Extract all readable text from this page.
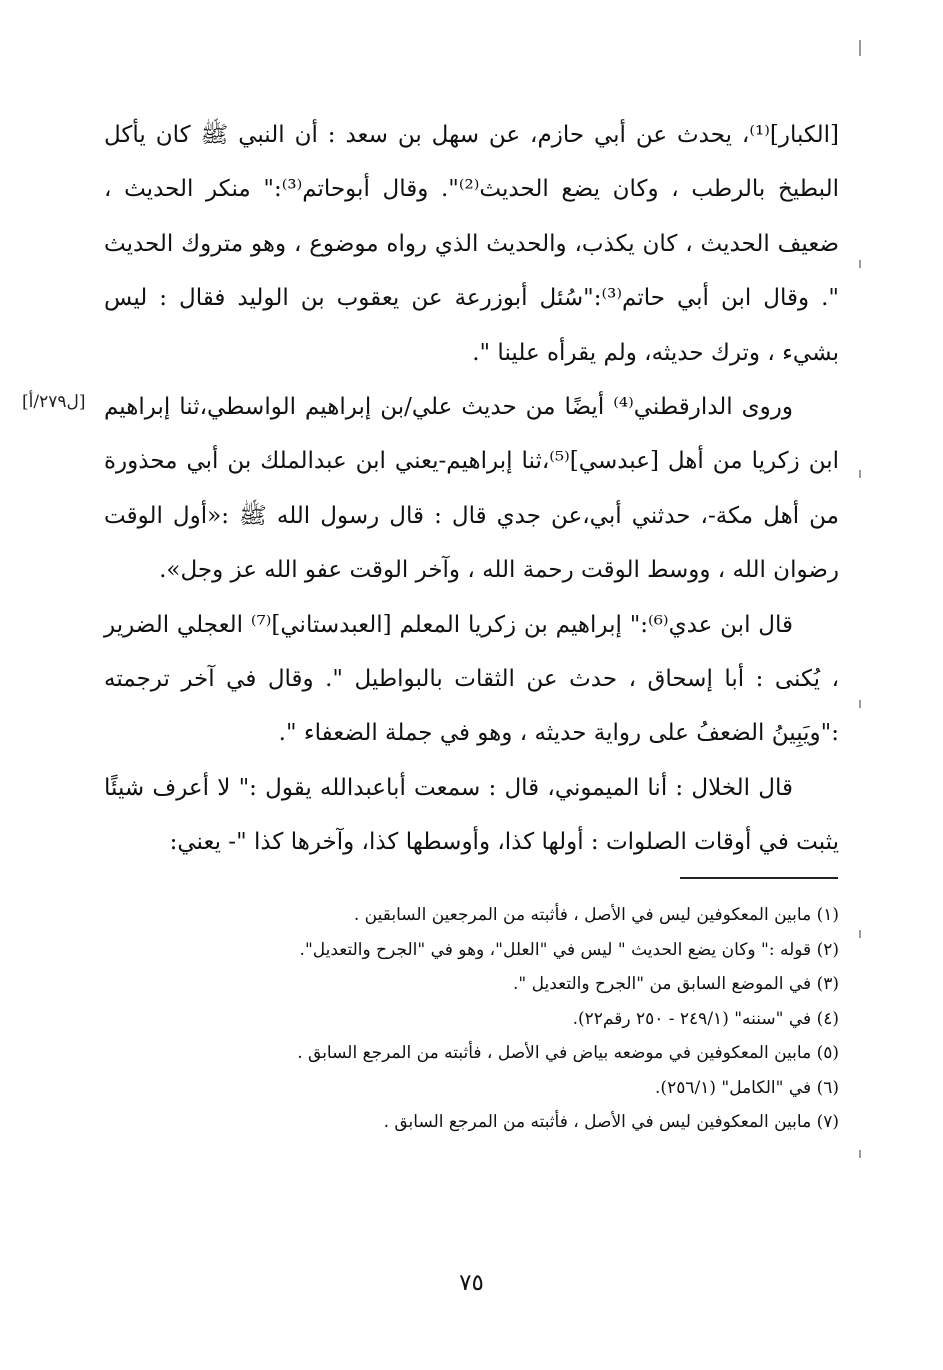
[الكبار]⁽¹⁾، يحدث عن أبي حازم، عن سهل بن سعد : أن النبي ﷺ كان يأكل البطيخ بالرطب ، وكان يضع الحديث⁽²⁾". وقال أبوحاتم⁽³⁾:" منكر الحديث ، ضعيف الحديث ، كان يكذب، والحديث الذي رواه موضوع ، وهو متروك الحديث ". وقال ابن أبي حاتم⁽³⁾:"سُئل أبوزرعة عن يعقوب بن الوليد فقال : ليس بشيء ، وترك حديثه، ولم يقرأه علينا ".

وروى الدارقطني⁽⁴⁾ أيضًا من حديث علي/بن إبراهيم الواسطي،ثنا إبراهيم ابن زكريا من أهل [عبدسي]⁽⁵⁾،ثنا إبراهيم-يعني ابن عبدالملك بن أبي محذورة من أهل مكة-، حدثني أبي،عن جدي قال : قال رسول الله ﷺ :«أول الوقت رضوان الله ، ووسط الوقت رحمة الله ، وآخر الوقت عفو الله عز وجل».

قال ابن عدي⁽⁶⁾:" إبراهيم بن زكريا المعلم [العبدستاني]⁽⁷⁾ العجلي الضرير ، يُكنى : أبا إسحاق ، حدث عن الثقات بالبواطيل ". وقال في آخر ترجمته :"ويَبِينُ الضعفُ على رواية حديثه ، وهو في جملة الضعفاء ".

قال الخلال : أنا الميموني، قال : سمعت أباعبدالله يقول :" لا أعرف شيئًا يثبت في أوقات الصلوات : أولها كذا، وأوسطها كذا، وآخرها كذا "- يعني:

[ل٢٧٩/أ]

(١) مابين المعكوفين ليس في الأصل ، فأثبته من المرجعين السابقين .

(٢) قوله :" وكان يضع الحديث " ليس في "العلل"، وهو في "الجرح والتعديل".

(٣) في الموضع السابق من "الجرح والتعديل ".

(٤) في "سننه" (٢٤٩/١ - ٢٥٠ رقم٢٢).

(٥) مابين المعكوفين في موضعه بياض في الأصل ، فأثبته من المرجع السابق .

(٦) في "الكامل" (٢٥٦/١).

(٧) مابين المعكوفين ليس في الأصل ، فأثبته من المرجع السابق .

٧٥
